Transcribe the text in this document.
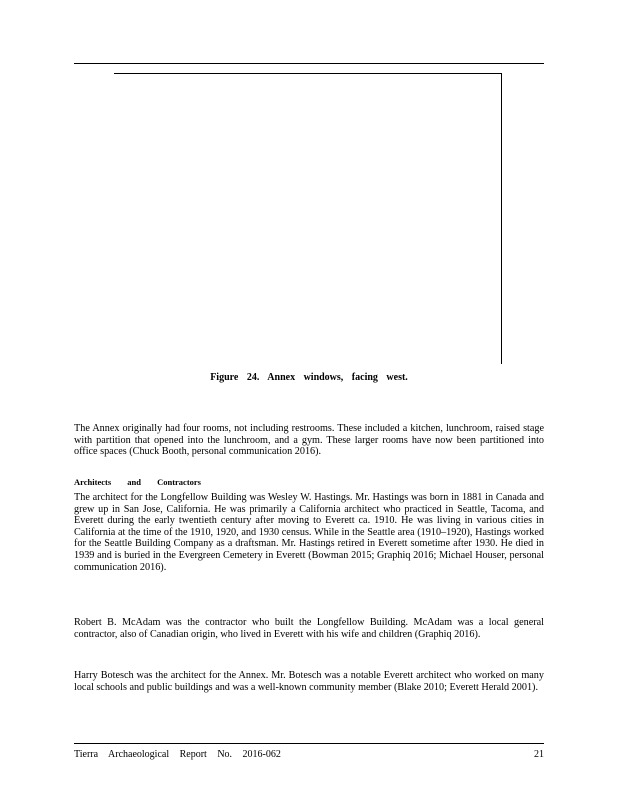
Figure 24. Annex windows, facing west.

The Annex originally had four rooms, not including restrooms. These included a kitchen, lunchroom, raised stage with partition that opened into the lunchroom, and a gym. These larger rooms have now been partitioned into office spaces (Chuck Booth, personal communication 2016).

Architects and Contractors

The architect for the Longfellow Building was Wesley W. Hastings. Mr. Hastings was born in 1881 in Canada and grew up in San Jose, California. He was primarily a California architect who practiced in Seattle, Tacoma, and Everett during the early twentieth century after moving to Everett ca. 1910. He was living in various cities in California at the time of the 1910, 1920, and 1930 census. While in the Seattle area (1910–1920), Hastings worked for the Seattle Building Company as a draftsman. Mr. Hastings retired in Everett sometime after 1930. He died in 1939 and is buried in the Evergreen Cemetery in Everett (Bowman 2015; Graphiq 2016; Michael Houser, personal communication 2016).

Robert B. McAdam was the contractor who built the Longfellow Building. McAdam was a local general contractor, also of Canadian origin, who lived in Everett with his wife and children (Graphiq 2016).

Harry Botesch was the architect for the Annex. Mr. Botesch was a notable Everett architect who worked on many local schools and public buildings and was a well-known community member (Blake 2010; Everett Herald 2001).

Tierra Archaeological Report No. 2016-062	21
